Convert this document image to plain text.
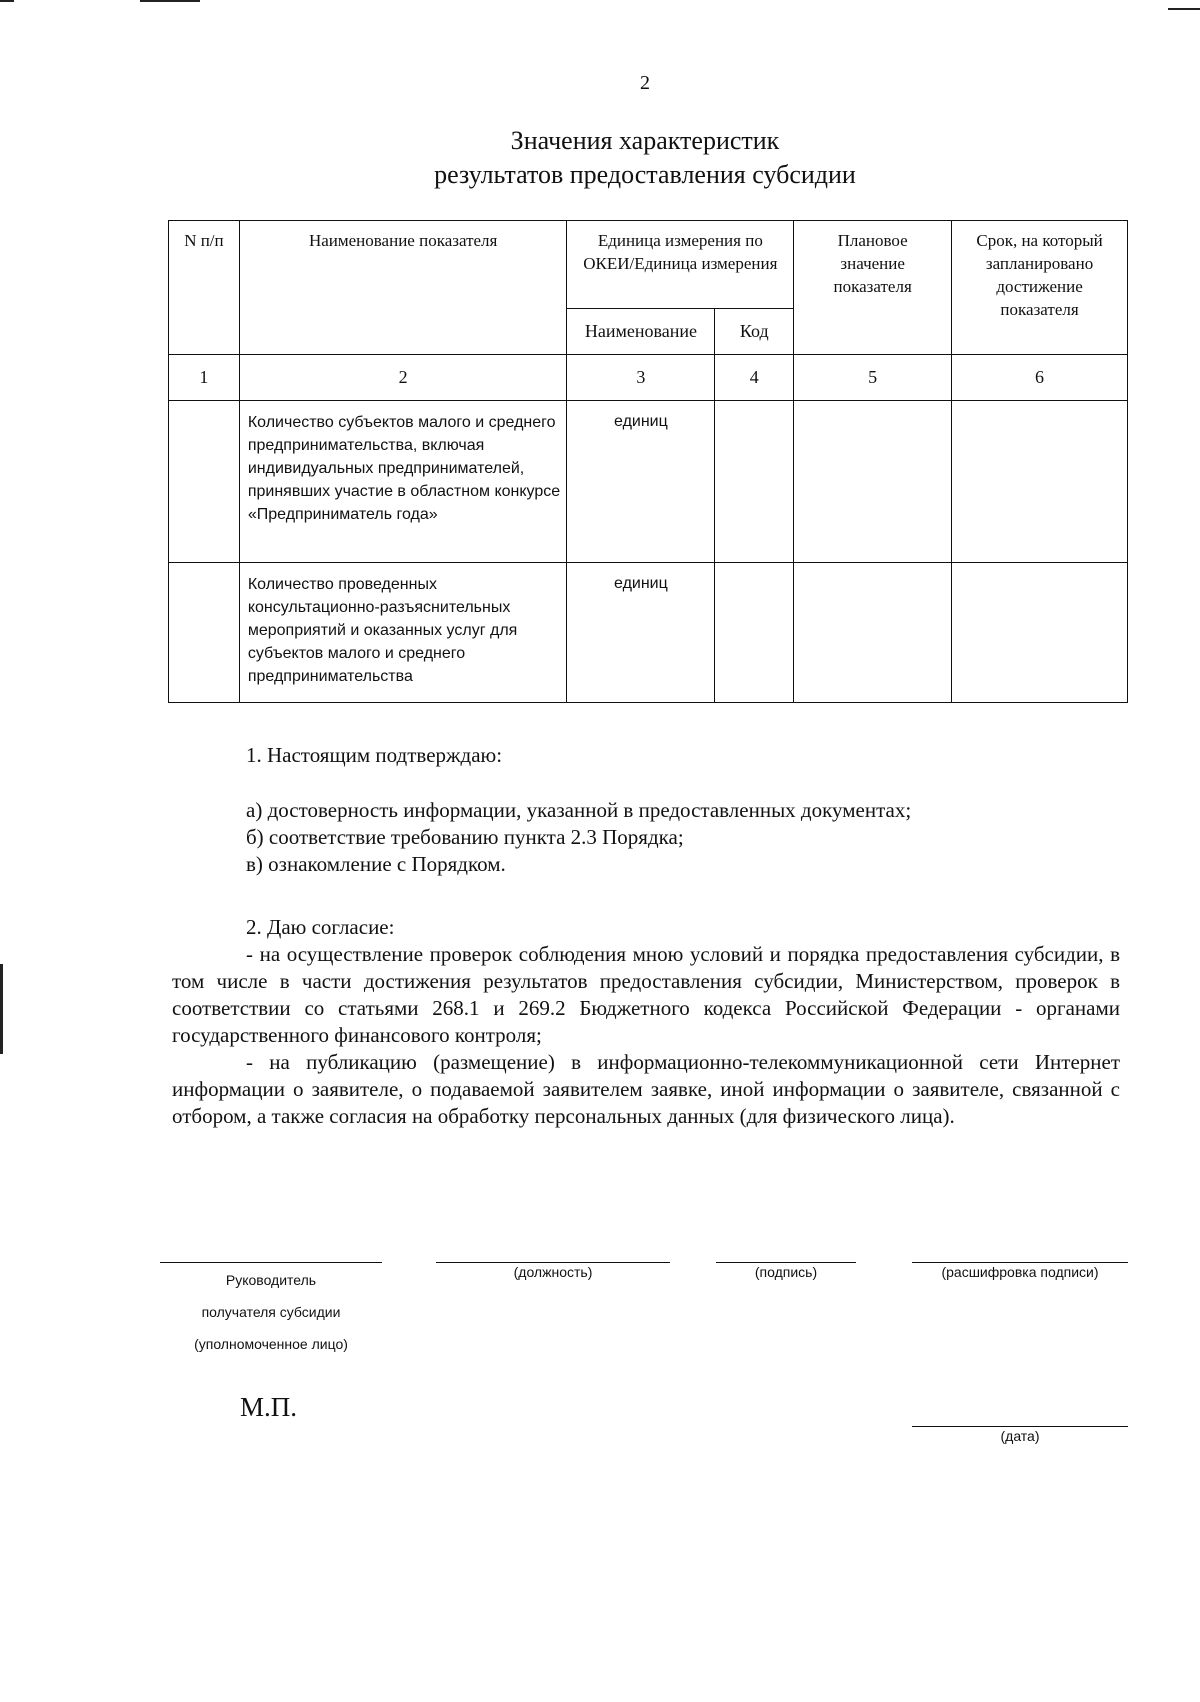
2
Значения характеристик
результатов предоставления субсидии
N п/п	Наименование показателя	Единица измерения по ОКЕИ/Единица измерения		Плановое значение показателя	Срок, на который запланировано достижение показателя
		Наименование	Код		
1	2	3	4	5	6
	Количество субъектов малого и среднего предпринимательства, включая индивидуальных предпринимателей, принявших участие в областном конкурсе «Предприниматель года»	единиц			
	Количество проведенных консультационно-разъяснительных мероприятий и оказанных услуг для субъектов малого и среднего предпринимательства	единиц			
1. Настоящим подтверждаю:
а) достоверность информации, указанной в предоставленных документах;
б) соответствие требованию пункта 2.3 Порядка;
в) ознакомление с Порядком.
2. Даю согласие:
- на осуществление проверок соблюдения мною условий и порядка предоставления субсидии, в том числе в части достижения результатов предоставления субсидии, Министерством, проверок в соответствии со статьями 268.1 и 269.2 Бюджетного кодекса Российской Федерации - органами государственного финансового контроля;
- на публикацию (размещение) в информационно-телекоммуникационной сети Интернет информации о заявителе, о подаваемой заявителем заявке, иной информации о заявителе, связанной с отбором, а также согласия на обработку персональных данных (для физического лица).
Руководитель
получателя субсидии
(уполномоченное лицо)
(должность)	(подпись)	(расшифровка подписи)
М.П.
(дата)
